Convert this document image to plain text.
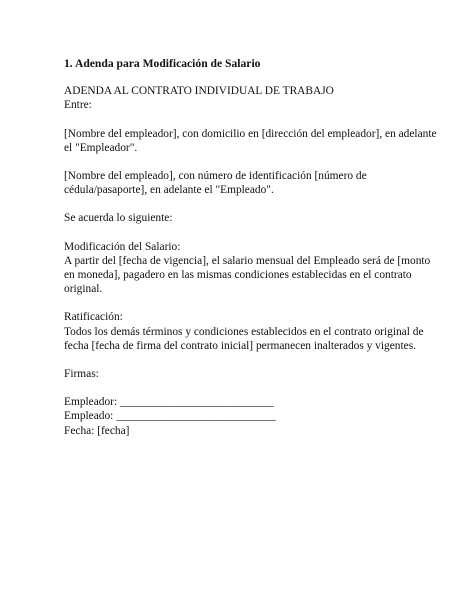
1. Adenda para Modificación de Salario
ADENDA AL CONTRATO INDIVIDUAL DE TRABAJO
Entre:
[Nombre del empleador], con domicilio en [dirección del empleador], en adelante
el "Empleador".
[Nombre del empleado], con número de identificación [número de
cédula/pasaporte], en adelante el "Empleado".
Se acuerda lo siguiente:
Modificación del Salario:
A partir del [fecha de vigencia], el salario mensual del Empleado será de [monto
en moneda], pagadero en las mismas condiciones establecidas en el contrato
original.
Ratificación:
Todos los demás términos y condiciones establecidos en el contrato original de
fecha [fecha de firma del contrato inicial] permanecen inalterados y vigentes.
Firmas:
Empleador: ___________________________
Empleado: ____________________________
Fecha: [fecha]
